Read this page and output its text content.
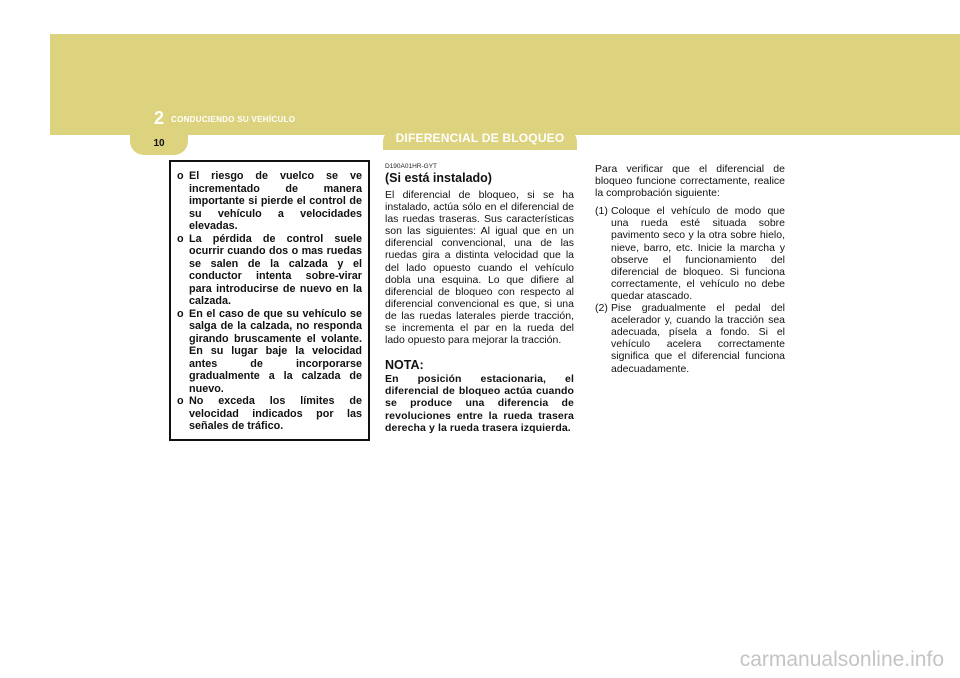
2 CONDUCIENDO SU VEHÍCULO
10	DIFERENCIAL DE BLOQUEO
o El riesgo de vuelco se ve incrementado de manera importante si pierde el control de su vehículo a velocidades elevadas.
o La pérdida de control suele ocurrir cuando dos o mas ruedas se salen de la calzada y el conductor intenta sobre-virar para introducirse de nuevo en la calzada.
o En el caso de que su vehículo se salga de la calzada, no responda girando bruscamente el volante. En su lugar baje la velocidad antes de incorporarse gradualmente a la calzada de nuevo.
o No exceda los límites de velocidad indicados por las señales de tráfico.
D190A01HR-GYT
(Si está instalado)

El diferencial de bloqueo, si se ha instalado, actúa sólo en el diferencial de las ruedas traseras. Sus características son las siguientes: Al igual que en un diferencial convencional, una de las ruedas gira a distinta velocidad que la del lado opuesto cuando el vehículo dobla una esquina. Lo que difiere al diferencial de bloqueo con respecto al diferencial convencional es que, si una de las ruedas laterales pierde tracción, se incrementa el par en la rueda del lado opuesto para mejorar la tracción.

NOTA:

En posición estacionaria, el diferencial de bloqueo actúa cuando se produce una diferencia de revoluciones entre la rueda trasera derecha y la rueda trasera izquierda.

Para verificar que el diferencial de bloqueo funcione correctamente, realice la comprobación siguiente:

(1) Coloque el vehículo de modo que una rueda esté situada sobre pavimento seco y la otra sobre hielo, nieve, barro, etc. Inicie la marcha y observe el funcionamiento del diferencial de bloqueo. Si funciona correctamente, el vehículo no debe quedar atascado.
(2) Pise gradualmente el pedal del acelerador y, cuando la tracción sea adecuada, písela a fondo. Si el vehículo acelera correctamente significa que el diferencial funciona adecuadamente.
carmanualsonline.info
